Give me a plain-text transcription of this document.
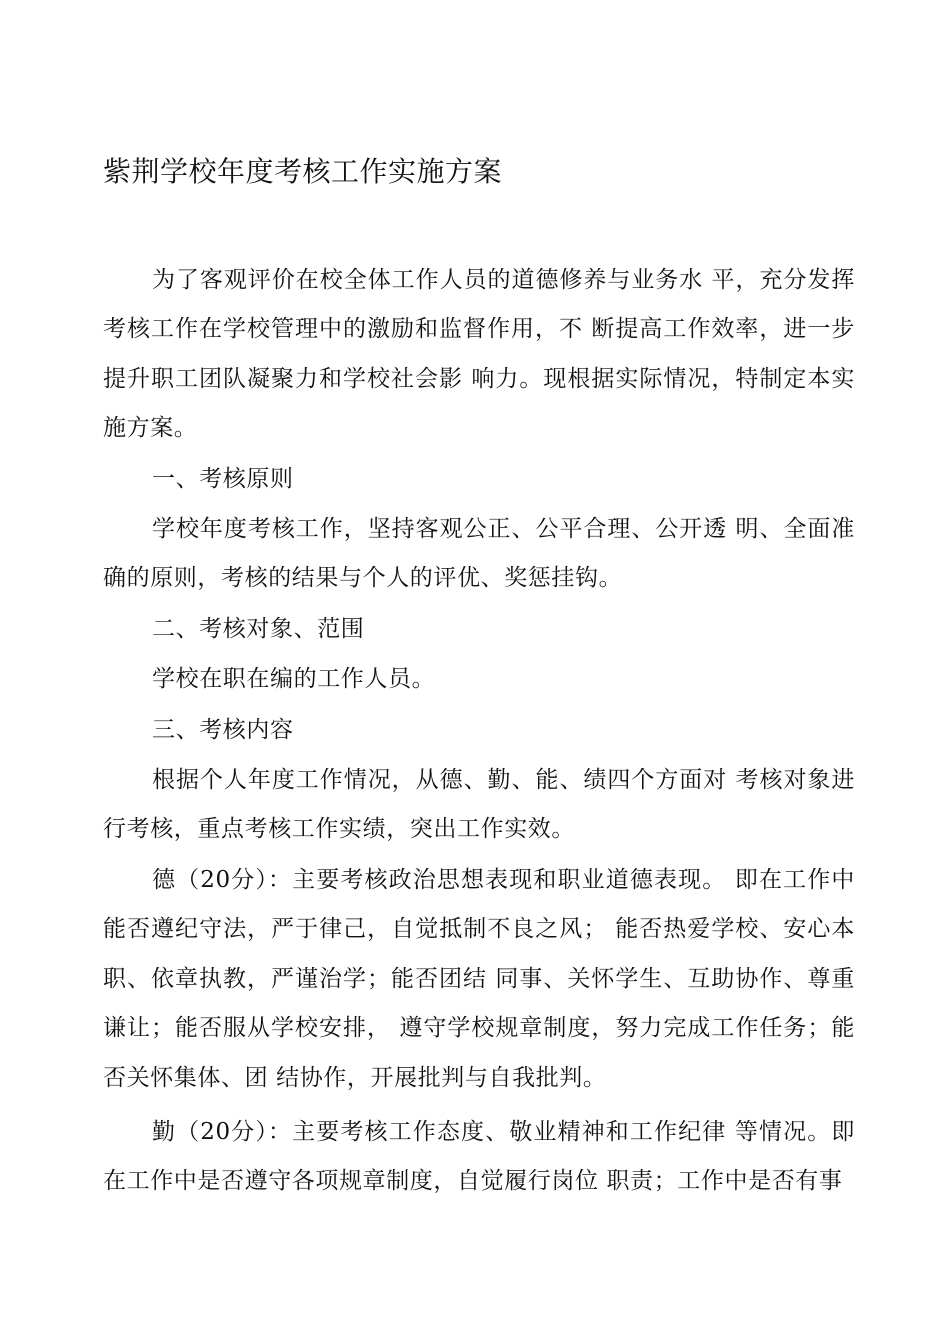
紫荆学校年度考核工作实施方案

为了客观评价在校全体工作人员的道德修养与业务水 平，充分发挥考核工作在学校管理中的激励和监督作用，不 断提高工作效率，进一步提升职工团队凝聚力和学校社会影 响力。现根据实际情况，特制定本实施方案。

一、考核原则

学校年度考核工作，坚持客观公正、公平合理、公开透 明、全面准确的原则，考核的结果与个人的评优、奖惩挂钩。

二、考核对象、范围

学校在职在编的工作人员。

三、考核内容

根据个人年度工作情况，从德、勤、能、绩四个方面对 考核对象进行考核，重点考核工作实绩，突出工作实效。

德（20分）：主要考核政治思想表现和职业道德表现。 即在工作中能否遵纪守法，严于律己，自觉抵制不良之风； 能否热爱学校、安心本职、依章执教，严谨治学；能否团结 同事、关怀学生、互助协作、尊重谦让；能否服从学校安排， 遵守学校规章制度，努力完成工作任务；能否关怀集体、团 结协作，开展批判与自我批判。

勤（20分）：主要考核工作态度、敬业精神和工作纪律 等情况。即在工作中是否遵守各项规章制度，自觉履行岗位 职责；工作中是否有事
